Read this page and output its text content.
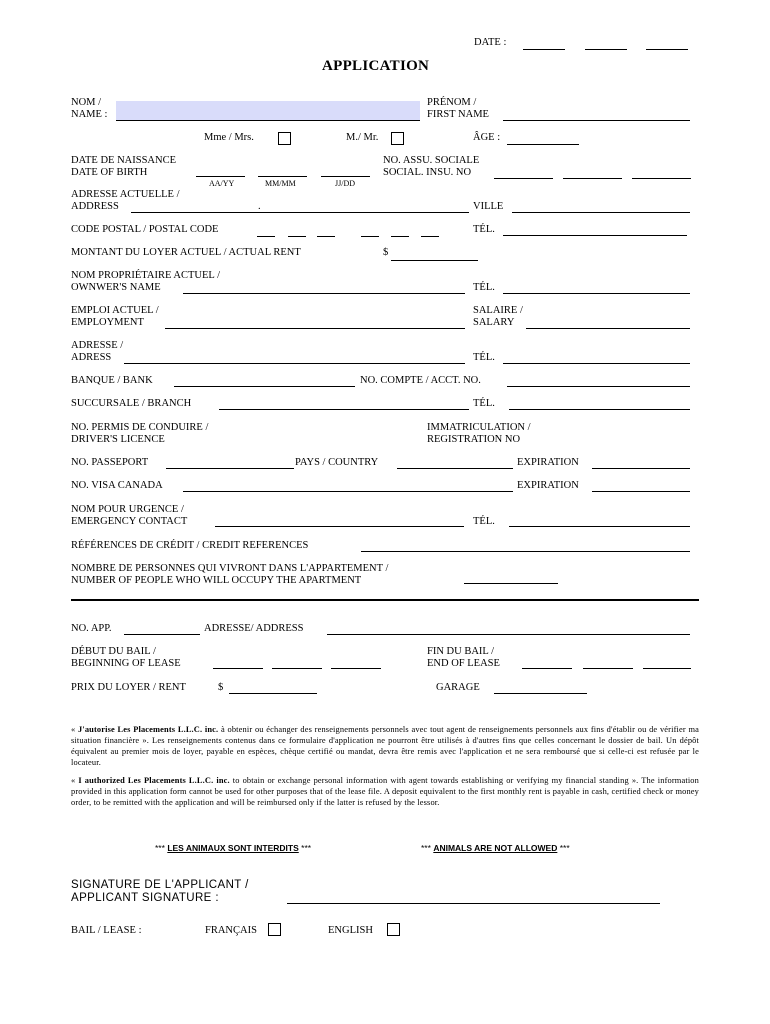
DATE :
APPLICATION
NOM /
NAME :
PRÉNOM /
FIRST NAME
Mme / Mrs.	M./ Mr.	ÂGE :
DATE DE NAISSANCE
DATE OF BIRTH
AA/YY	MM/MM	JJ/DD
NO. ASSU. SOCIALE
SOCIAL. INSU. NO
ADRESSE ACTUELLE /
ADDRESS	.	VILLE
CODE POSTAL / POSTAL CODE	TÉL.
MONTANT DU LOYER ACTUEL / ACTUAL RENT	$
NOM PROPRIÉTAIRE ACTUEL /
OWNWER'S NAME	TÉL.
EMPLOI ACTUEL /
EMPLOYMENT
SALAIRE /
SALARY
ADRESSE /
ADRESS	TÉL.
BANQUE / BANK	NO. COMPTE / ACCT. NO.
SUCCURSALE / BRANCH	TÉL.
NO. PERMIS DE CONDUIRE /
DRIVER'S LICENCE
IMMATRICULATION /
REGISTRATION NO
NO. PASSEPORT	PAYS / COUNTRY	EXPIRATION
NO. VISA CANADA	EXPIRATION
NOM POUR URGENCE /
EMERGENCY CONTACT	TÉL.
RÉFÉRENCES DE CRÉDIT / CREDIT REFERENCES
NOMBRE DE PERSONNES QUI VIVRONT DANS L'APPARTEMENT /
NUMBER OF PEOPLE WHO WILL OCCUPY THE APARTMENT
NO. APP.	ADRESSE/ ADDRESS
DÉBUT DU BAIL /
BEGINNING OF LEASE
FIN DU BAIL /
END OF LEASE
PRIX DU LOYER / RENT	$	GARAGE
« J'autorise Les Placements L.L.C. inc. à obtenir ou échanger des renseignements personnels avec tout agent de renseignements personnels aux fins d'établir ou de vérifier ma situation financière ». Les renseignements contenus dans ce formulaire d'application ne pourront être utilisés à d'autres fins que celles concernant le dossier de bail. Un dépôt équivalent au premier mois de loyer, payable en espèces, chèque certifié ou mandat, devra être remis avec l'application et ne sera remboursé que si celle-ci est refusée par le locateur.
« I authorized Les Placements L.L.C. inc. to obtain or exchange personal information with agent towards establishing or verifying my financial standing ». The information provided in this application form cannot be used for other purposes that of the lease file. A deposit equivalent to the first monthly rent is payable in cash, certified check or money order, to be remitted with the application and will be reimbursed only if the latter is refused by the lessor.
*** LES ANIMAUX SONT INTERDITS ***	*** ANIMALS ARE NOT ALLOWED ***
SIGNATURE DE L'APPLICANT /
APPLICANT SIGNATURE :
BAIL / LEASE :	FRANÇAIS	ENGLISH
